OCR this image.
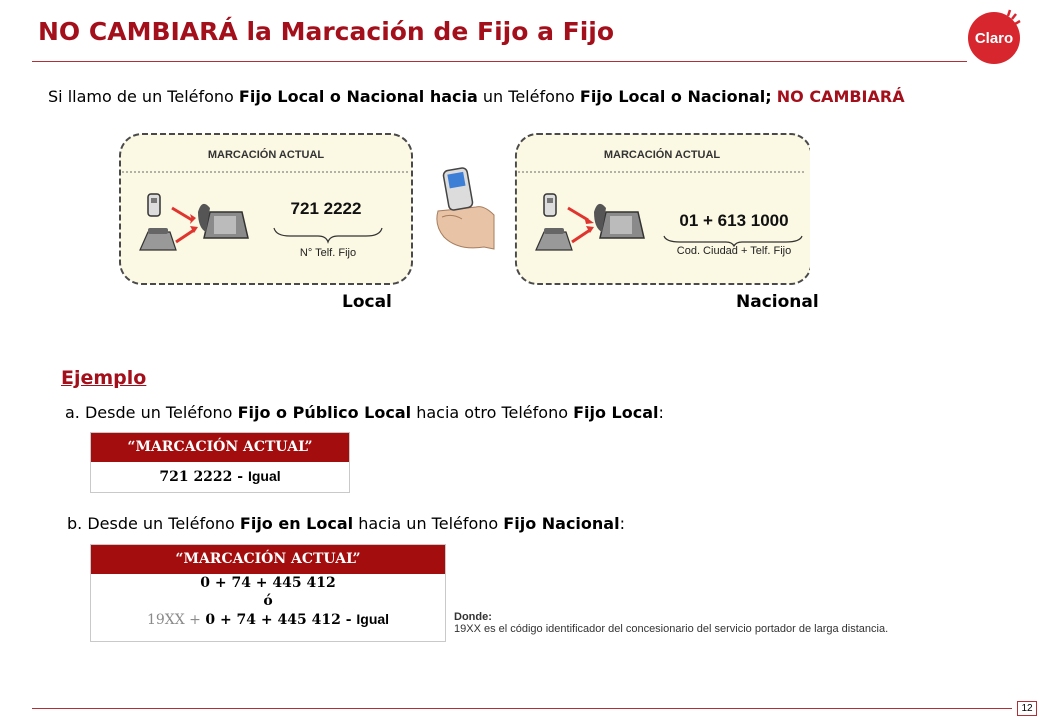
NO CAMBIARÁ la Marcación de Fijo a Fijo	Claro
Si llamo de un Teléfono Fijo Local o Nacional hacia un Teléfono Fijo Local o Nacional; NO CAMBIARÁ
MARCACIÓN ACTUAL
721 2222
N° Telf. Fijo
MARCACIÓN ACTUAL
01 + 613 1000
Cod. Ciudad + Telf. Fijo
Local	Nacional
Ejemplo
a. Desde un Teléfono Fijo o Público Local hacia otro Teléfono Fijo Local:
“MARCACIÓN ACTUAL”
721 2222 - Igual
b. Desde un Teléfono Fijo en Local hacia un Teléfono Fijo Nacional:
“MARCACIÓN ACTUAL”
0 + 74 + 445 412
ó
19XX + 0 + 74 + 445 412 - Igual	Donde:
19XX es el código identificador del concesionario del servicio portador de larga distancia.
12
